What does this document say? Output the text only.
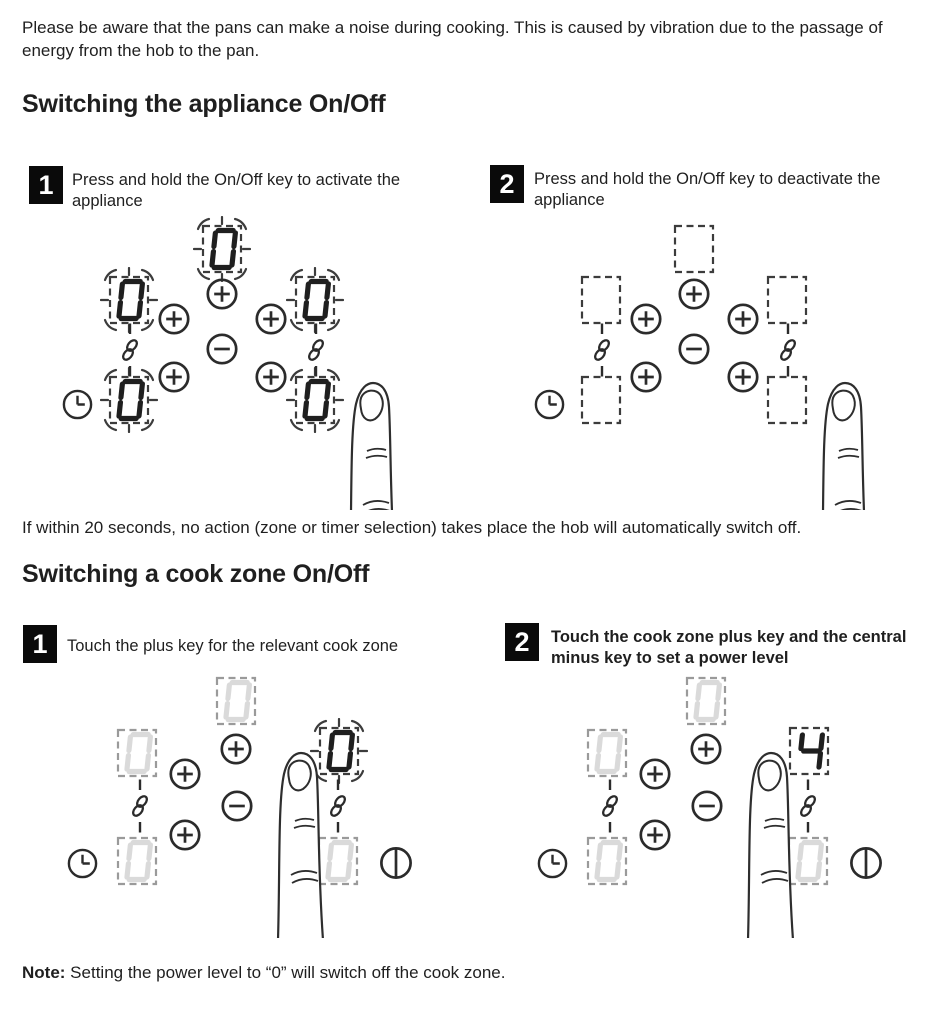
Please be aware that the pans can make a noise during cooking. This is caused by vibration due to the passage of energy from the hob to the pan.

Switching the appliance On/Off
1	Press and hold the On/Off key to activate the appliance
2	Press and hold the On/Off key to deactivate the appliance

If within 20 seconds, no action (zone or timer selection) takes place the hob will automatically switch off.

Switching a cook zone On/Off
1	Touch the plus key for the relevant cook zone	2	Touch the cook zone plus key and the central minus key to set a power level

Note: Setting the power level to “0” will switch off the cook zone.
